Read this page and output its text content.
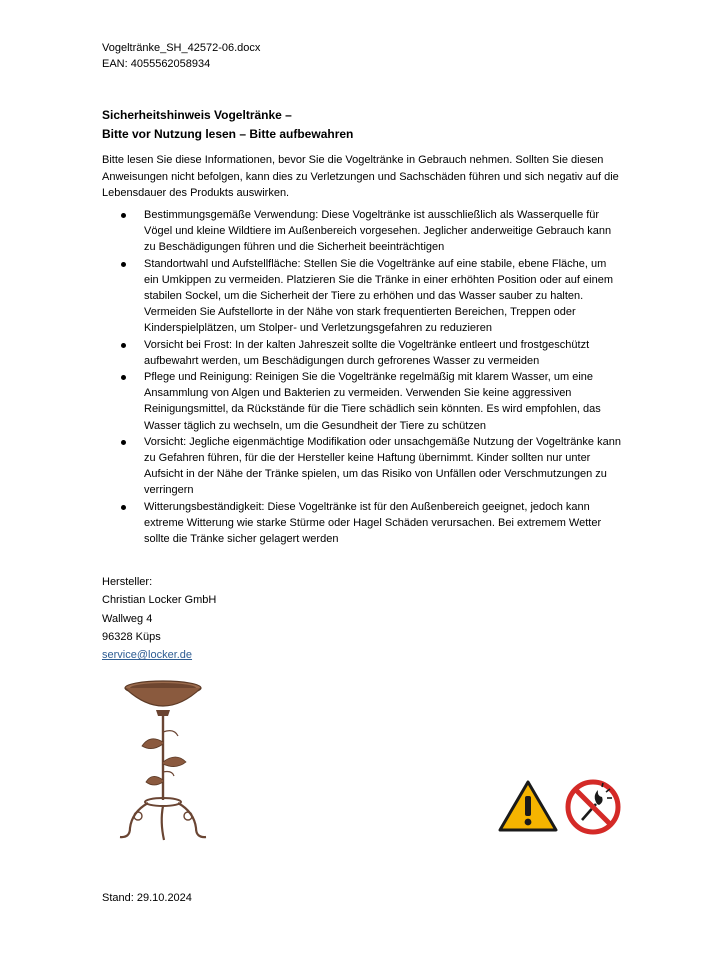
Vogeltränke_SH_42572-06.docx
EAN: 4055562058934
Sicherheitshinweis Vogeltränke –
Bitte vor Nutzung lesen – Bitte aufbewahren
Bitte lesen Sie diese Informationen, bevor Sie die Vogeltränke in Gebrauch nehmen. Sollten Sie diesen Anweisungen nicht befolgen, kann dies zu Verletzungen und Sachschäden führen und sich negativ auf die Lebensdauer des Produkts auswirken.
Bestimmungsgemäße Verwendung: Diese Vogeltränke ist ausschließlich als Wasserquelle für Vögel und kleine Wildtiere im Außenbereich vorgesehen. Jeglicher anderweitige Gebrauch kann zu Beschädigungen führen und die Sicherheit beeinträchtigen
Standortwahl und Aufstellfläche: Stellen Sie die Vogeltränke auf eine stabile, ebene Fläche, um ein Umkippen zu vermeiden. Platzieren Sie die Tränke in einer erhöhten Position oder auf einem stabilen Sockel, um die Sicherheit der Tiere zu erhöhen und das Wasser sauber zu halten. Vermeiden Sie Aufstellorte in der Nähe von stark frequentierten Bereichen, Treppen oder Kinderspielplätzen, um Stolper- und Verletzungsgefahren zu reduzieren
Vorsicht bei Frost: In der kalten Jahreszeit sollte die Vogeltränke entleert und frostgeschützt aufbewahrt werden, um Beschädigungen durch gefrorenes Wasser zu vermeiden
Pflege und Reinigung: Reinigen Sie die Vogeltränke regelmäßig mit klarem Wasser, um eine Ansammlung von Algen und Bakterien zu vermeiden. Verwenden Sie keine aggressiven Reinigungsmittel, da Rückstände für die Tiere schädlich sein könnten. Es wird empfohlen, das Wasser täglich zu wechseln, um die Gesundheit der Tiere zu schützen
Vorsicht: Jegliche eigenmächtige Modifikation oder unsachgemäße Nutzung der Vogeltränke kann zu Gefahren führen, für die der Hersteller keine Haftung übernimmt. Kinder sollten nur unter Aufsicht in der Nähe der Tränke spielen, um das Risiko von Unfällen oder Verschmutzungen zu verringern
Witterungsbeständigkeit: Diese Vogeltränke ist für den Außenbereich geeignet, jedoch kann extreme Witterung wie starke Stürme oder Hagel Schäden verursachen. Bei extremem Wetter sollte die Tränke sicher gelagert werden
Hersteller:
Christian Locker GmbH
Wallweg 4
96328 Küps
service@locker.de
Stand: 29.10.2024
